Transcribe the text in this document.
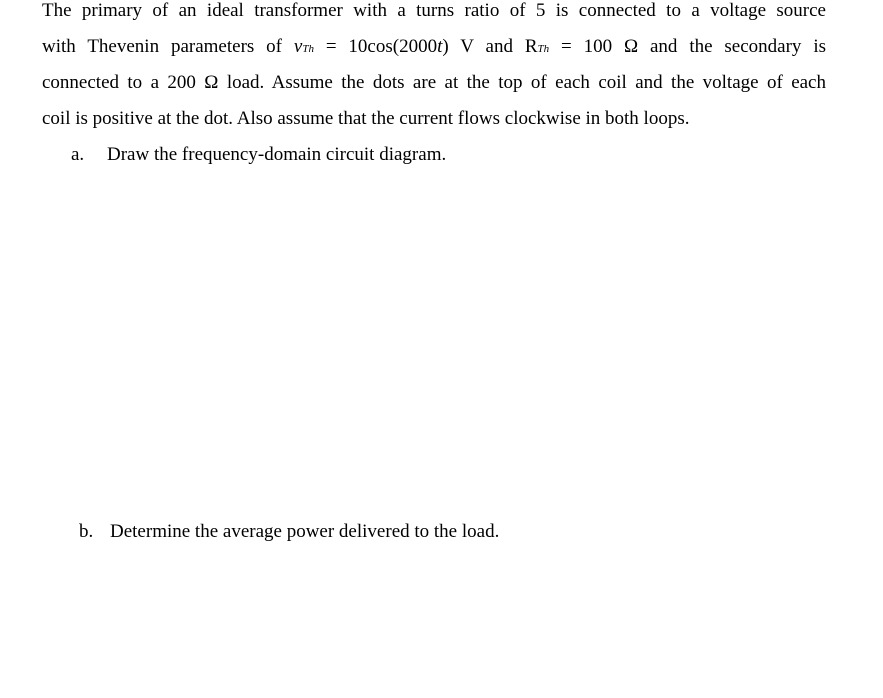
The primary of an ideal transformer with a turns ratio of 5 is connected to a voltage source
with Thevenin parameters of vTh = 10cos(2000t) V and RTh = 100 Ω and the secondary is
connected to a 200 Ω load. Assume the dots are at the top of each coil and the voltage of each
coil is positive at the dot. Also assume that the current flows clockwise in both loops.
a. Draw the frequency-domain circuit diagram.
b. Determine the average power delivered to the load.
